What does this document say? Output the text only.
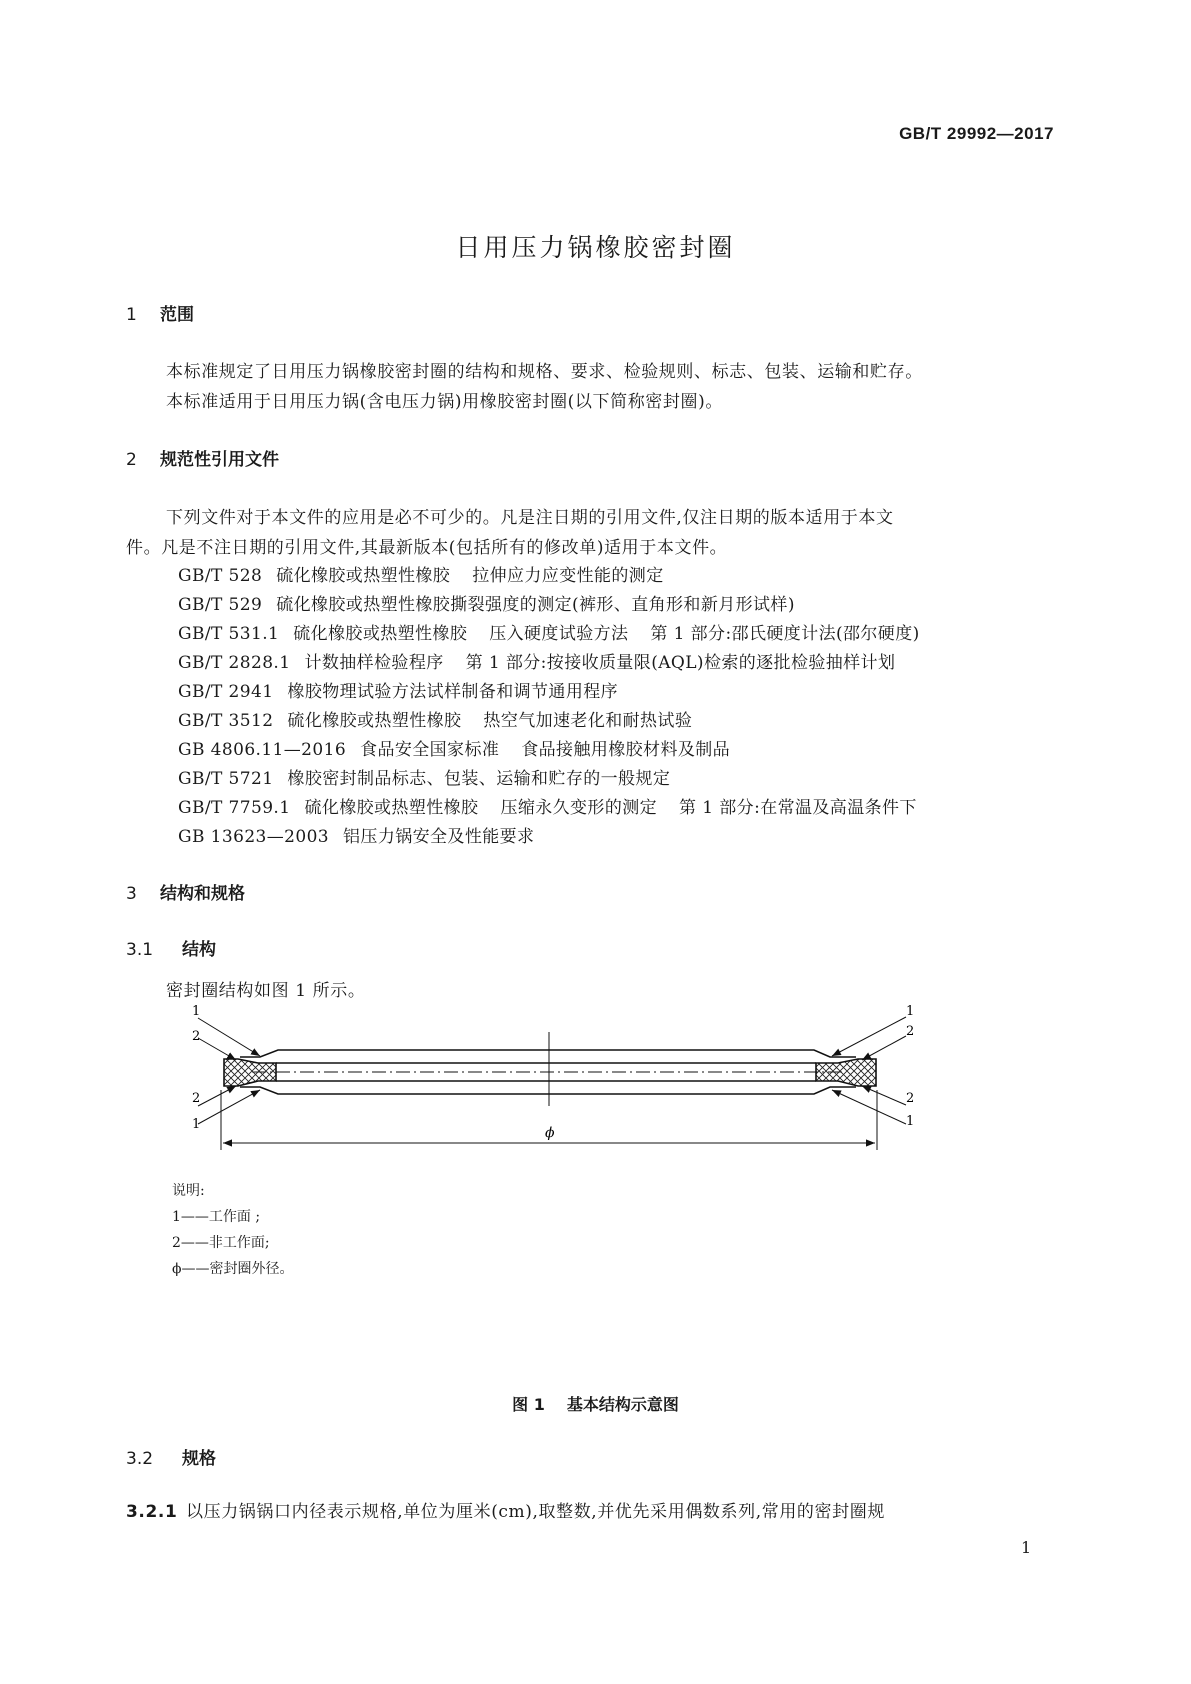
GB/T 29992—2017
日用压力锅橡胶密封圈
1 范围
本标准规定了日用压力锅橡胶密封圈的结构和规格、要求、检验规则、标志、包装、运输和贮存。
本标准适用于日用压力锅(含电压力锅)用橡胶密封圈(以下简称密封圈)。
2 规范性引用文件
下列文件对于本文件的应用是必不可少的。凡是注日期的引用文件,仅注日期的版本适用于本文
件。凡是不注日期的引用文件,其最新版本(包括所有的修改单)适用于本文件。
GB/T 528 硫化橡胶或热塑性橡胶 拉伸应力应变性能的测定
GB/T 529 硫化橡胶或热塑性橡胶撕裂强度的测定(裤形、直角形和新月形试样)
GB/T 531.1 硫化橡胶或热塑性橡胶 压入硬度试验方法 第 1 部分:邵氏硬度计法(邵尔硬度)
GB/T 2828.1 计数抽样检验程序 第 1 部分:按接收质量限(AQL)检索的逐批检验抽样计划
GB/T 2941 橡胶物理试验方法试样制备和调节通用程序
GB/T 3512 硫化橡胶或热塑性橡胶 热空气加速老化和耐热试验
GB 4806.11—2016 食品安全国家标准 食品接触用橡胶材料及制品
GB/T 5721 橡胶密封制品标志、包装、运输和贮存的一般规定
GB/T 7759.1 硫化橡胶或热塑性橡胶 压缩永久变形的测定 第 1 部分:在常温及高温条件下
GB 13623—2003 铝压力锅安全及性能要求
3 结构和规格
3.1 结构
密封圈结构如图 1 所示。
1
2
2
1
1
2
2
1
ϕ
说明:
1——工作面 ;
2——非工作面;
ϕ——密封圈外径。
图 1 基本结构示意图
3.2 规格
3.2.1 以压力锅锅口内径表示规格,单位为厘米(cm),取整数,并优先采用偶数系列,常用的密封圈规
1
